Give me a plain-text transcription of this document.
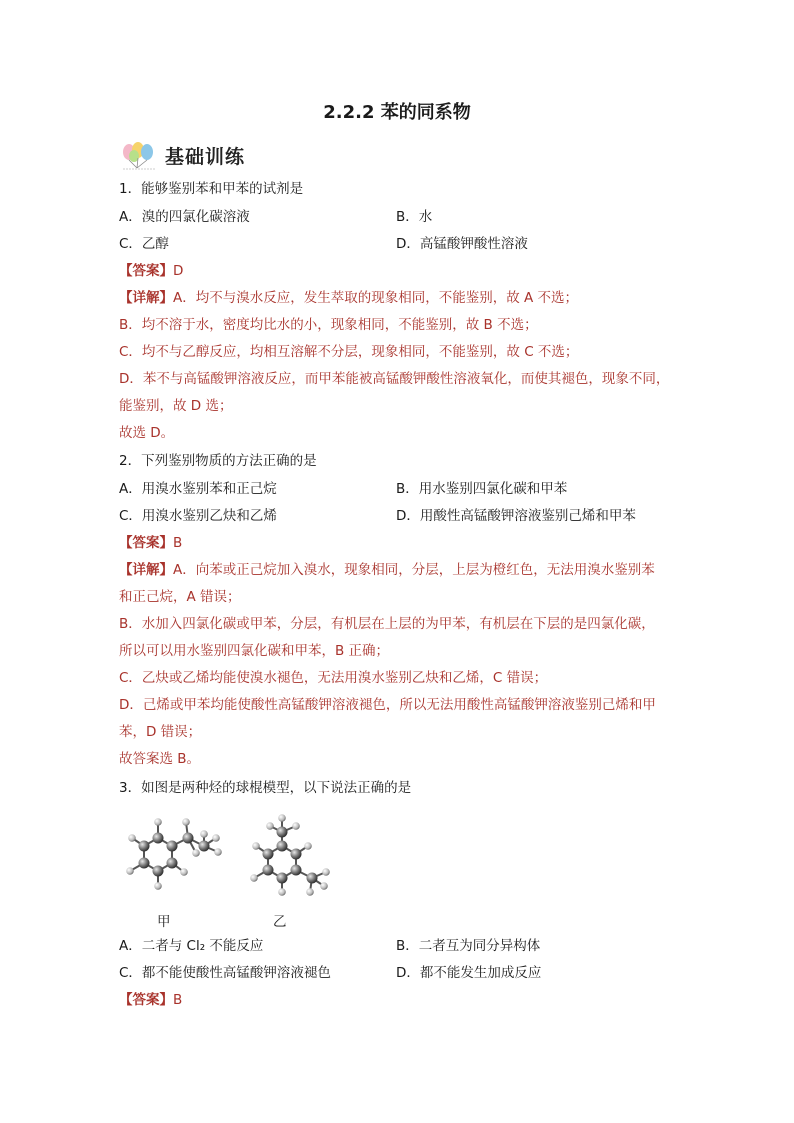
2.2.2 苯的同系物
基础训练
1．能够鉴别苯和甲苯的试剂是
A．溴的四氯化碳溶液	B．水
C．乙醇	D．高锰酸钾酸性溶液
【答案】D
【详解】A．均不与溴水反应，发生萃取的现象相同，不能鉴别，故 A 不选；
B．均不溶于水，密度均比水的小，现象相同，不能鉴别，故 B 不选；
C．均不与乙醇反应，均相互溶解不分层，现象相同，不能鉴别，故 C 不选；
D．苯不与高锰酸钾溶液反应，而甲苯能被高锰酸钾酸性溶液氧化，而使其褪色，现象不同，
能鉴别，故 D 选；
故选 D。
2．下列鉴别物质的方法正确的是
A．用溴水鉴别苯和正己烷	B．用水鉴别四氯化碳和甲苯
C．用溴水鉴别乙炔和乙烯	D．用酸性高锰酸钾溶液鉴别己烯和甲苯
【答案】B
【详解】A．向苯或正己烷加入溴水，现象相同，分层，上层为橙红色，无法用溴水鉴别苯
和正己烷，A 错误；
B．水加入四氯化碳或甲苯，分层，有机层在上层的为甲苯，有机层在下层的是四氯化碳，
所以可以用水鉴别四氯化碳和甲苯，B 正确；
C．乙炔或乙烯均能使溴水褪色，无法用溴水鉴别乙炔和乙烯，C 错误；
D．己烯或甲苯均能使酸性高锰酸钾溶液褪色，所以无法用酸性高锰酸钾溶液鉴别己烯和甲
苯，D 错误；
故答案选 B。
3．如图是两种烃的球棍模型，以下说法正确的是
甲	乙
A．二者与 Cl₂ 不能反应	B．二者互为同分异构体
C．都不能使酸性高锰酸钾溶液褪色	D．都不能发生加成反应
【答案】B
